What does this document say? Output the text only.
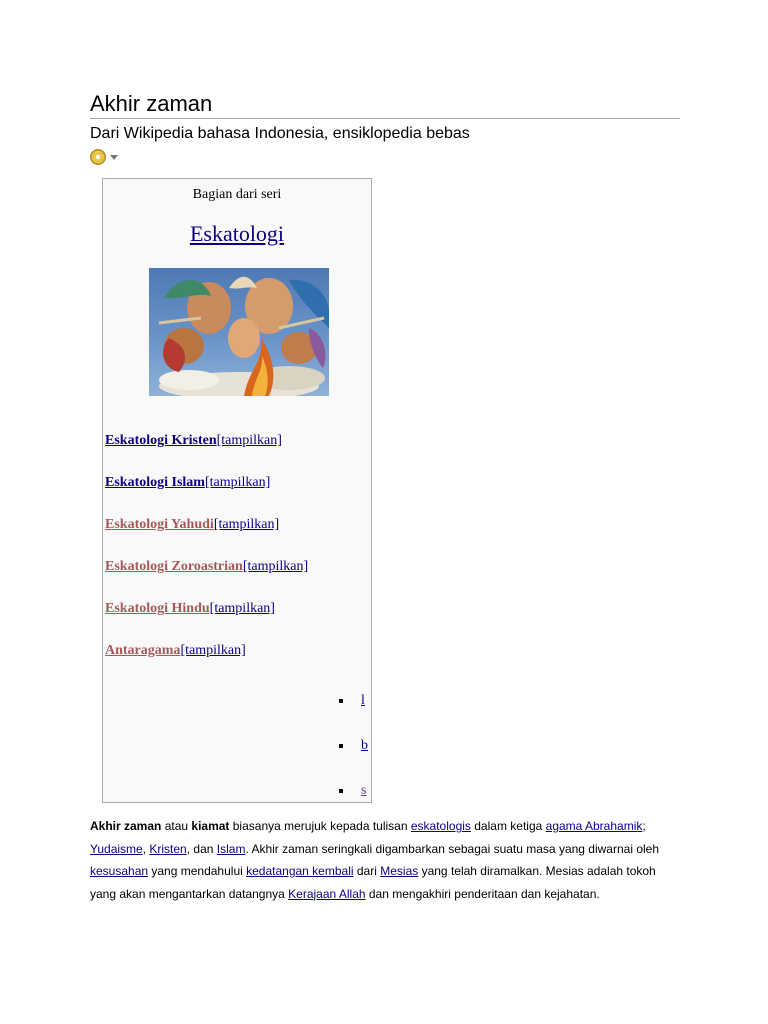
Akhir zaman
Dari Wikipedia bahasa Indonesia, ensiklopedia bebas
Bagian dari seri
Eskatologi
Eskatologi Kristen[tampilkan]
Eskatologi Islam[tampilkan]
Eskatologi Yahudi[tampilkan]
Eskatologi Zoroastrian[tampilkan]
Eskatologi Hindu[tampilkan]
Antaragama[tampilkan]
l
b
s
Akhir zaman atau kiamat biasanya merujuk kepada tulisan eskatologis dalam ketiga agama Abrahamik; Yudaisme, Kristen, dan Islam. Akhir zaman seringkali digambarkan sebagai suatu masa yang diwarnai oleh kesusahan yang mendahului kedatangan kembali dari Mesias yang telah diramalkan. Mesias adalah tokoh yang akan mengantarkan datangnya Kerajaan Allah dan mengakhiri penderitaan dan kejahatan.
